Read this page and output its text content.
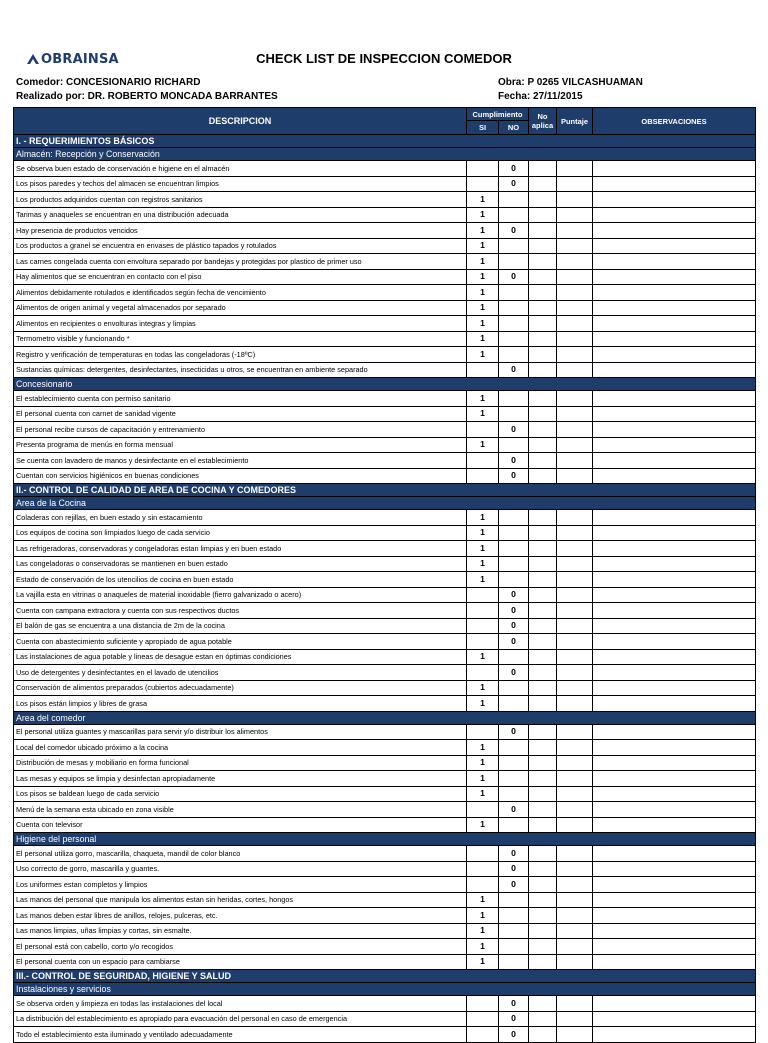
OBRAINSA	CHECK LIST DE INSPECCION COMEDOR
Comedor: CONCESIONARIO RICHARD
Realizado por: DR. ROBERTO MONCADA BARRANTES
Obra: P 0265 VILCASHUAMAN
Fecha: 27/11/2015
DESCRIPCION	Cumplimiento		No aplica	Puntaje	OBSERVACIONES
	SI	NO			
I. - REQUERIMIENTOS BÁSICOS					
Almacén: Recepción y Conservación					
Se observa buen estado de conservación e higiene en el almacén		0			
Los pisos paredes y techos del almacen se encuentran limpios		0			
Los productos adquiridos cuentan con registros sanitarios	1				
Tarimas y anaqueles se encuentran en una distribución adecuada	1				
Hay presencia de productos vencidos	1	0			
Los productos a granel se encuentra en envases de plástico tapados y rotulados	1				
Las carnes congelada cuenta con envoltura separado por bandejas y protegidas por plastico de primer uso	1				
Hay alimentos que se encuentran en contacto con el piso	1	0			
Alimentos debidamente rotulados e identificados según fecha de vencimiento	1				
Alimentos de origen animal y vegetal almacenados por separado	1				
Alimentos en recipientes o envolturas integras y limpias	1				
Termometro visible y funcionando *	1				
Registro y verificación de temperaturas en todas las congeladoras (-18ºC)	1				
Sustancias químicas: detergentes, desinfectantes, insecticidas u otros, se encuentran en ambiente separado		0			
Concesionario					
El establecimiento cuenta con permiso sanitario	1				
El personal cuenta con carnet de sanidad vigente	1				
El personal recibe cursos de capacitación y entrenamiento		0			
Presenta programa de menús en forma mensual	1				
Se cuenta con lavadero de manos y desinfectante en el establecimiento		0			
Cuentan con servicios higiénicos en buenas condiciones		0			
II.- CONTROL DE CALIDAD DE AREA DE COCINA Y COMEDORES					
Area de la Cocina					
Coladeras con rejillas, en buen estado y sin estacamiento	1				
Los equipos de cocina son limpiados luego de cada servicio	1				
Las refrigeradoras, conservadoras y congeladoras estan limpias y en buen estado	1				
Las congeladoras o conservadoras se mantienen en buen estado	1				
Estado de conservación de los utencilios de cocina en buen estado	1				
La vajilla esta en vitrinas o anaqueles de material inoxidable (fierro galvanizado o acero)		0			
Cuenta con campana extractora y cuenta con sus respectivos ductos		0			
El balón de gas se encuentra a una distancia de 2m de la cocina		0			
Cuenta con abastecimiento suficiente y apropiado de agua potable		0			
Las instalaciones de agua potable y lineas de desague estan en óptimas condiciones	1				
Uso de detergentes y desinfectantes en el lavado de utencilios		0			
Conservación de alimentos preparados (cubiertos adecuadamente)	1				
Los pisos están limpios y libres de grasa	1				
Area del comedor					
El personal utiliza guantes y mascarillas para servir y/o distribuir los alimentos		0			
Local del comedor ubicado próximo a la cocina	1				
Distribución de mesas y mobiliario en forma funcional	1				
Las mesas y equipos se limpia y desinfectan apropiadamente	1				
Los pisos se baldean luego de cada servicio	1				
Menú de la semana esta ubicado en zona visible		0			
Cuenta con televisor	1				
Higiene del personal					
El personal utiliza gorro, mascarilla, chaqueta, mandil de color blanco		0			
Uso correcto de gorro, mascarilla y guantes.		0			
Los uniformes estan completos y limpios		0			
Las manos del personal que manipula los alimentos estan sin heridas, cortes, hongos	1				
Las manos deben estar libres de anillos, relojes, pulceras, etc.	1				
Las manos limpias, uñas limpias y cortas, sin esmalte.	1				
El personal está con cabello, corto y/o recogidos	1				
El personal cuenta con un espacio para cambiarse	1				
III.- CONTROL DE SEGURIDAD, HIGIENE Y SALUD					
Instalaciones y servicios					
Se observa orden y limpieza en todas las instalaciones del local		0			
La distribución del establecimiento es apropiado para evacuación del personal en caso de emergencia		0			
Todo el establecimiento esta iluminado y ventilado adecuadamente		0			
